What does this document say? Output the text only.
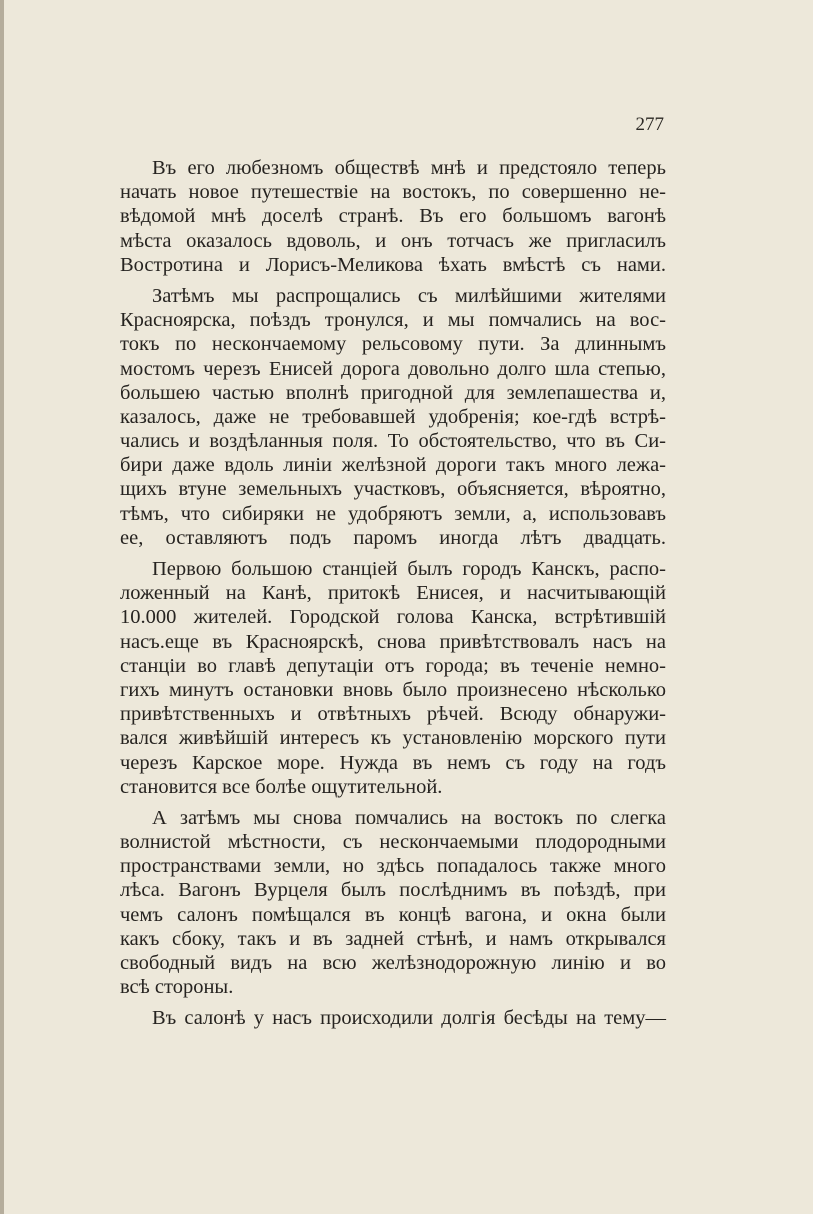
277
Въ его любезномъ обществѣ мнѣ и предстояло теперь
начать новое путешествіе на востокъ, по совершенно не-
вѣдомой мнѣ доселѣ странѣ. Въ его большомъ вагонѣ
мѣста оказалось вдоволь, и онъ тотчасъ же пригласилъ
Востротина и Лорисъ-Меликова ѣхать вмѣстѣ съ нами.
Затѣмъ мы распрощались съ милѣйшими жителями
Красноярска, поѣздъ тронулся, и мы помчались на вос-
токъ по нескончаемому рельсовому пути. За длиннымъ
мостомъ черезъ Енисей дорога довольно долго шла степью,
большею частью вполнѣ пригодной для землепашества и,
казалось, даже не требовавшей удобренія; кое-гдѣ встрѣ-
чались и воздѣланныя поля. То обстоятельство, что въ Си-
бири даже вдоль линіи желѣзной дороги такъ много лежа-
щихъ втуне земельныхъ участковъ, объясняется, вѣроятно,
тѣмъ, что сибиряки не удобряютъ земли, а, использовавъ
ее, оставляютъ подъ паромъ иногда лѣтъ двадцать.
Первою большою станціей былъ городъ Канскъ, распо-
ложенный на Канѣ, притокѣ Енисея, и насчитывающій
10.000 жителей. Городской голова Канска, встрѣтившій
насъ.еще въ Красноярскѣ, снова привѣтствовалъ насъ на
станціи во главѣ депутаціи отъ города; въ теченіе немно-
гихъ минутъ остановки вновь было произнесено нѣсколько
привѣтственныхъ и отвѣтныхъ рѣчей. Всюду обнаружи-
вался живѣйшій интересъ къ установленію морского пути
черезъ Карское море. Нужда въ немъ съ году на годъ
становится все болѣе ощутительной.
А затѣмъ мы снова помчались на востокъ по слегка
волнистой мѣстности, съ нескончаемыми плодородными
пространствами земли, но здѣсь попадалось также много
лѣса. Вагонъ Вурцеля былъ послѣднимъ въ поѣздѣ, при
чемъ салонъ помѣщался въ концѣ вагона, и окна были
какъ сбоку, такъ и въ задней стѣнѣ, и намъ открывался
свободный видъ на всю желѣзнодорожную линію и во
всѣ стороны.
Въ салонѣ у насъ происходили долгія бесѣды на тему—
